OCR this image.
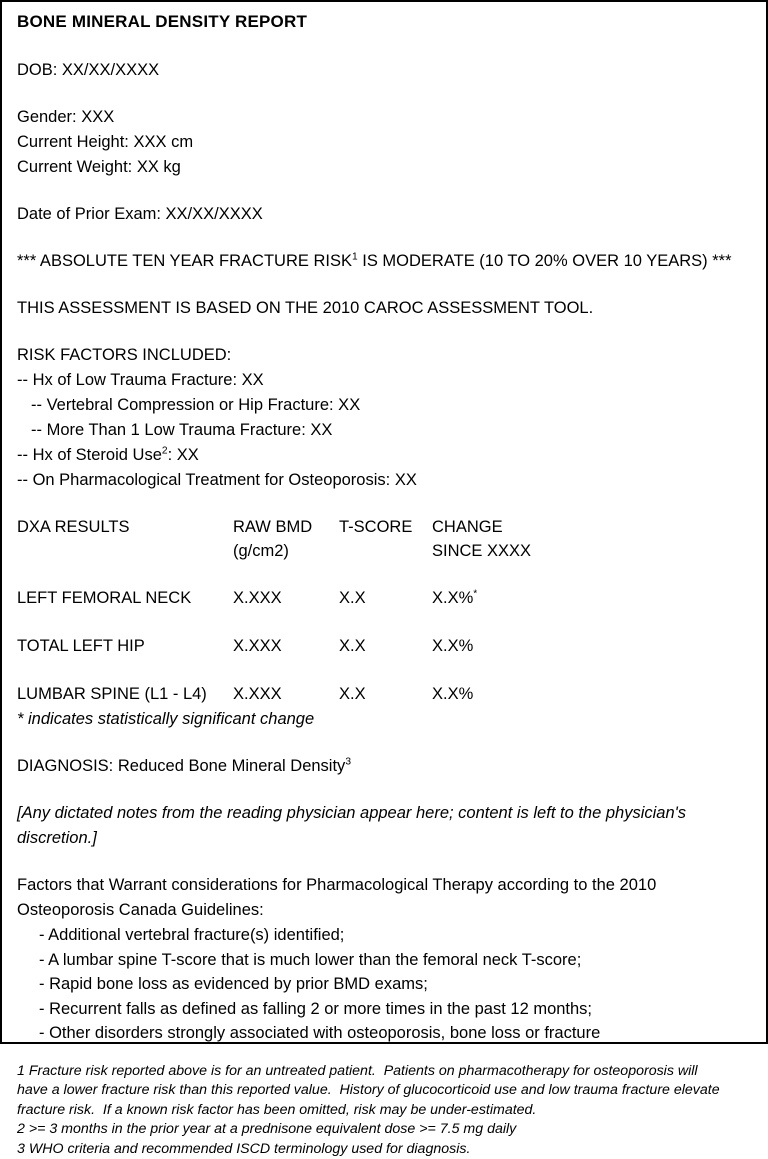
BONE MINERAL DENSITY REPORT
DOB: XX/XX/XXXX
Gender: XXX
Current Height: XXX cm
Current Weight: XX kg
Date of Prior Exam: XX/XX/XXXX
*** ABSOLUTE TEN YEAR FRACTURE RISK$^1$ IS MODERATE (10 TO 20% OVER 10 YEARS) ***
THIS ASSESSMENT IS BASED ON THE 2010 CAROC ASSESSMENT TOOL.
RISK FACTORS INCLUDED:
-- Hx of Low Trauma Fracture: XX
-- Vertebral Compression or Hip Fracture: XX
-- More Than 1 Low Trauma Fracture: XX
-- Hx of Steroid Use$^2$: XX
-- On Pharmacological Treatment for Osteoporosis: XX
DXA RESULTS	RAW BMD	T-SCORE	CHANGE
	(g/cm2)		SINCE XXXX

LEFT FEMORAL NECK	X.XXX	X.X	X.X%*

TOTAL LEFT HIP	X.XXX	X.X	X.X%

LUMBAR SPINE (L1 - L4)	X.XXX	X.X	X.X%
* indicates statistically significant change
DIAGNOSIS: Reduced Bone Mineral Density$^3$
[Any dictated notes from the reading physician appear here; content is left to the physician's discretion.]
Factors that Warrant considerations for Pharmacological Therapy according to the 2010
Osteoporosis Canada Guidelines:
- Additional vertebral fracture(s) identified;
- A lumbar spine T-score that is much lower than the femoral neck T-score;
- Rapid bone loss as evidenced by prior BMD exams;
- Recurrent falls as defined as falling 2 or more times in the past 12 months;
- Other disorders strongly associated with osteoporosis, bone loss or fracture
1 Fracture risk reported above is for an untreated patient.  Patients on pharmacotherapy for osteoporosis will
have a lower fracture risk than this reported value.  History of glucocorticoid use and low trauma fracture elevate
fracture risk.  If a known risk factor has been omitted, risk may be under-estimated.
2 >= 3 months in the prior year at a prednisone equivalent dose >= 7.5 mg daily
3 WHO criteria and recommended ISCD terminology used for diagnosis.
